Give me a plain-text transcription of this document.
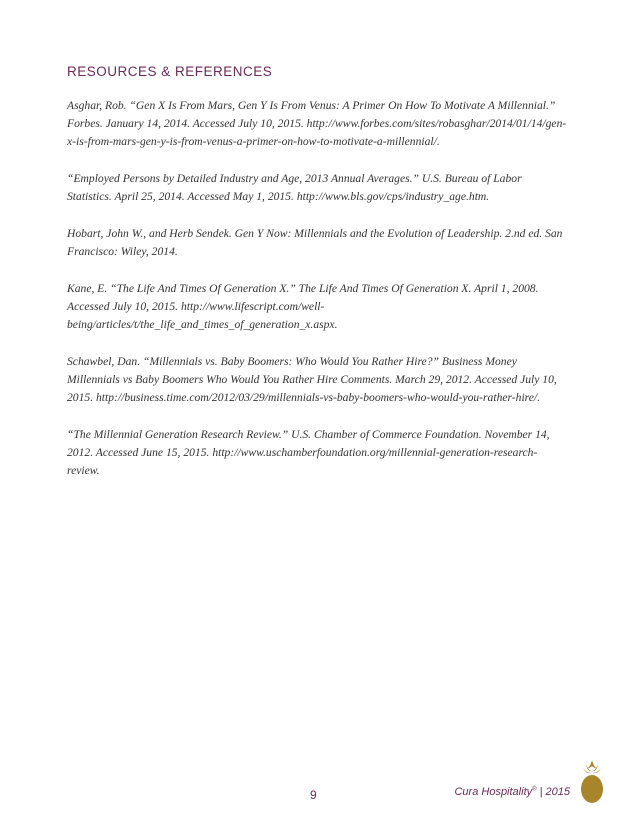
RESOURCES & REFERENCES

Asghar, Rob. “Gen X Is From Mars, Gen Y Is From Venus: A Primer On How To Motivate A Millennial.” Forbes. January 14, 2014. Accessed July 10, 2015. http://www.forbes.com/sites/robasghar/2014/01/14/gen-x-is-from-mars-gen-y-is-from-venus-a-primer-on-how-to-motivate-a-millennial/.

“Employed Persons by Detailed Industry and Age, 2013 Annual Averages.” U.S. Bureau of Labor Statistics. April 25, 2014. Accessed May 1, 2015. http://www.bls.gov/cps/industry_age.htm.

Hobart, John W., and Herb Sendek. Gen Y Now: Millennials and the Evolution of Leadership. 2.nd ed. San Francisco: Wiley, 2014.

Kane, E. “The Life And Times Of Generation X.” The Life And Times Of Generation X. April 1, 2008. Accessed July 10, 2015. http://www.lifescript.com/well-being/articles/t/the_life_and_times_of_generation_x.aspx.

Schawbel, Dan. “Millennials vs. Baby Boomers: Who Would You Rather Hire?” Business Money Millennials vs Baby Boomers Who Would You Rather Hire Comments. March 29, 2012. Accessed July 10, 2015. http://business.time.com/2012/03/29/millennials-vs-baby-boomers-who-would-you-rather-hire/.

“The Millennial Generation Research Review.” U.S. Chamber of Commerce Foundation. November 14, 2012. Accessed June 15, 2015. http://www.uschamberfoundation.org/millennial-generation-research-review.

9	Cura Hospitality® | 2015
